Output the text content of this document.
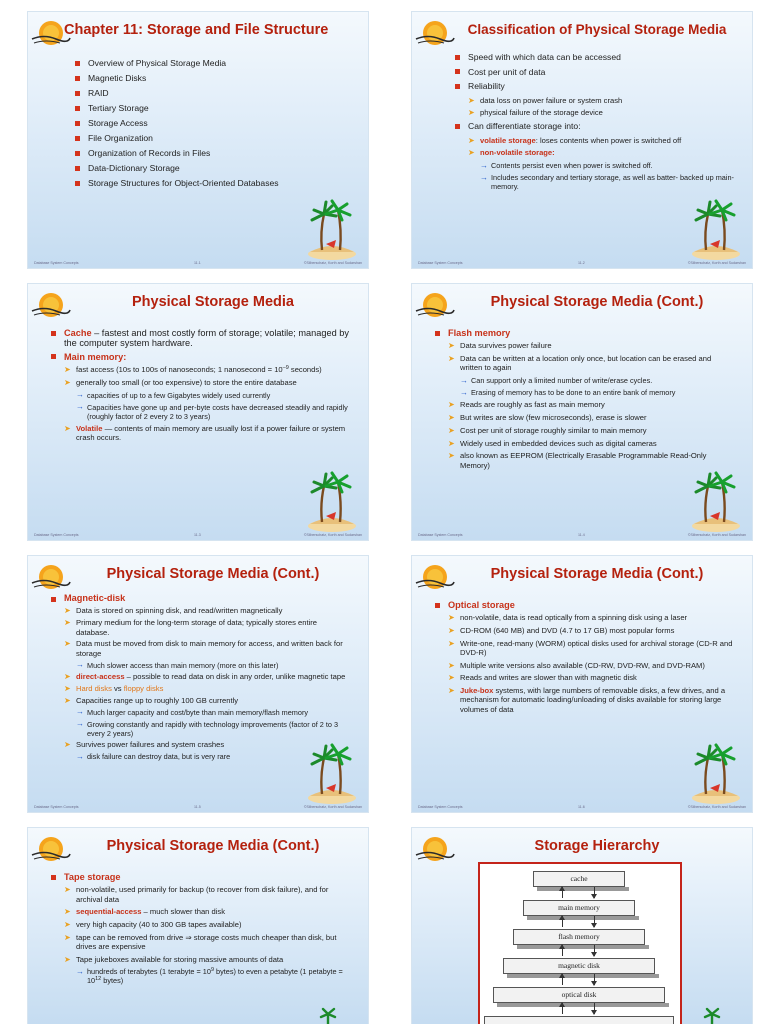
Chapter 11: Storage and File Structure
Overview of Physical Storage Media
Magnetic Disks
RAID
Tertiary Storage
Storage Access
File Organization
Organization of Records in Files
Data-Dictionary Storage
Storage Structures for Object-Oriented Databases
Database System Concepts	11.1	©Silberschatz, Korth and Sudarshan
Classification of Physical Storage Media
Speed with which data can be accessed
Cost per unit of data
Reliability
➤ data loss on power failure or system crash
➤ physical failure of the storage device
Can differentiate storage into:
➤ volatile storage: loses contents when power is switched off
➤ non-volatile storage:
→ Contents persist even when power is switched off.
→ Includes secondary and tertiary storage, as well as batter- backed up main-memory.
Database System Concepts	11.2	©Silberschatz, Korth and Sudarshan
Physical Storage Media
Cache – fastest and most costly form of storage; volatile; managed by the computer system hardware.
Main memory:
➤ fast access (10s to 100s of nanoseconds; 1 nanosecond = $10^{-9}$ seconds)
➤ generally too small (or too expensive) to store the entire database
→ capacities of up to a few Gigabytes widely used currently
→ Capacities have gone up and per-byte costs have decreased steadily and rapidly (roughly factor of 2 every 2 to 3 years)
➤ Volatile — contents of main memory are usually lost if a power failure or system crash occurs.
Database System Concepts	11.3	©Silberschatz, Korth and Sudarshan
Physical Storage Media (Cont.)
Flash memory
➤ Data survives power failure
➤ Data can be written at a location only once, but location can be erased and written to again
→ Can support only a limited number of write/erase cycles.
→ Erasing of memory has to be done to an entire bank of memory
➤ Reads are roughly as fast as main memory
➤ But writes are slow (few microseconds), erase is slower
➤ Cost per unit of storage roughly similar to main memory
➤ Widely used in embedded devices such as digital cameras
➤ also known as EEPROM (Electrically Erasable Programmable Read-Only Memory)
Database System Concepts	11.4	©Silberschatz, Korth and Sudarshan
Physical Storage Media (Cont.)
Magnetic-disk
➤ Data is stored on spinning disk, and read/written magnetically
➤ Primary medium for the long-term storage of data; typically stores entire database.
➤ Data must be moved from disk to main memory for access, and written back for storage
→ Much slower access than main memory (more on this later)
➤ direct-access – possible to read data on disk in any order, unlike magnetic tape
➤ Hard disks vs floppy disks
➤ Capacities range up to roughly 100 GB currently
→ Much larger capacity and cost/byte than main memory/flash memory
→ Growing constantly and rapidly with technology improvements (factor of 2 to 3 every 2 years)
➤ Survives power failures and system crashes
→ disk failure can destroy data, but is very rare
Database System Concepts	11.5	©Silberschatz, Korth and Sudarshan
Physical Storage Media (Cont.)
Optical storage
➤ non-volatile, data is read optically from a spinning disk using a laser
➤ CD-ROM (640 MB) and DVD (4.7 to 17 GB) most popular forms
➤ Write-one, read-many (WORM) optical disks used for archival storage (CD-R and DVD-R)
➤ Multiple write versions also available (CD-RW, DVD-RW, and DVD-RAM)
➤ Reads and writes are slower than with magnetic disk
➤ Juke-box systems, with large numbers of removable disks, a few drives, and a mechanism for automatic loading/unloading of disks available for storing large volumes of data
Database System Concepts	11.6	©Silberschatz, Korth and Sudarshan
Physical Storage Media (Cont.)
Tape storage
➤ non-volatile, used primarily for backup (to recover from disk failure), and for archival data
➤ sequential-access – much slower than disk
➤ very high capacity (40 to 300 GB tapes available)
➤ tape can be removed from drive ⇒ storage costs much cheaper than disk, but drives are expensive
➤ Tape jukeboxes available for storing massive amounts of data
→ hundreds of terabytes (1 terabyte = $10^9$ bytes) to even a petabyte (1 petabyte = $10^{12}$ bytes)
Storage Hierarchy
cache
main memory
flash memory
magnetic disk
optical disk
